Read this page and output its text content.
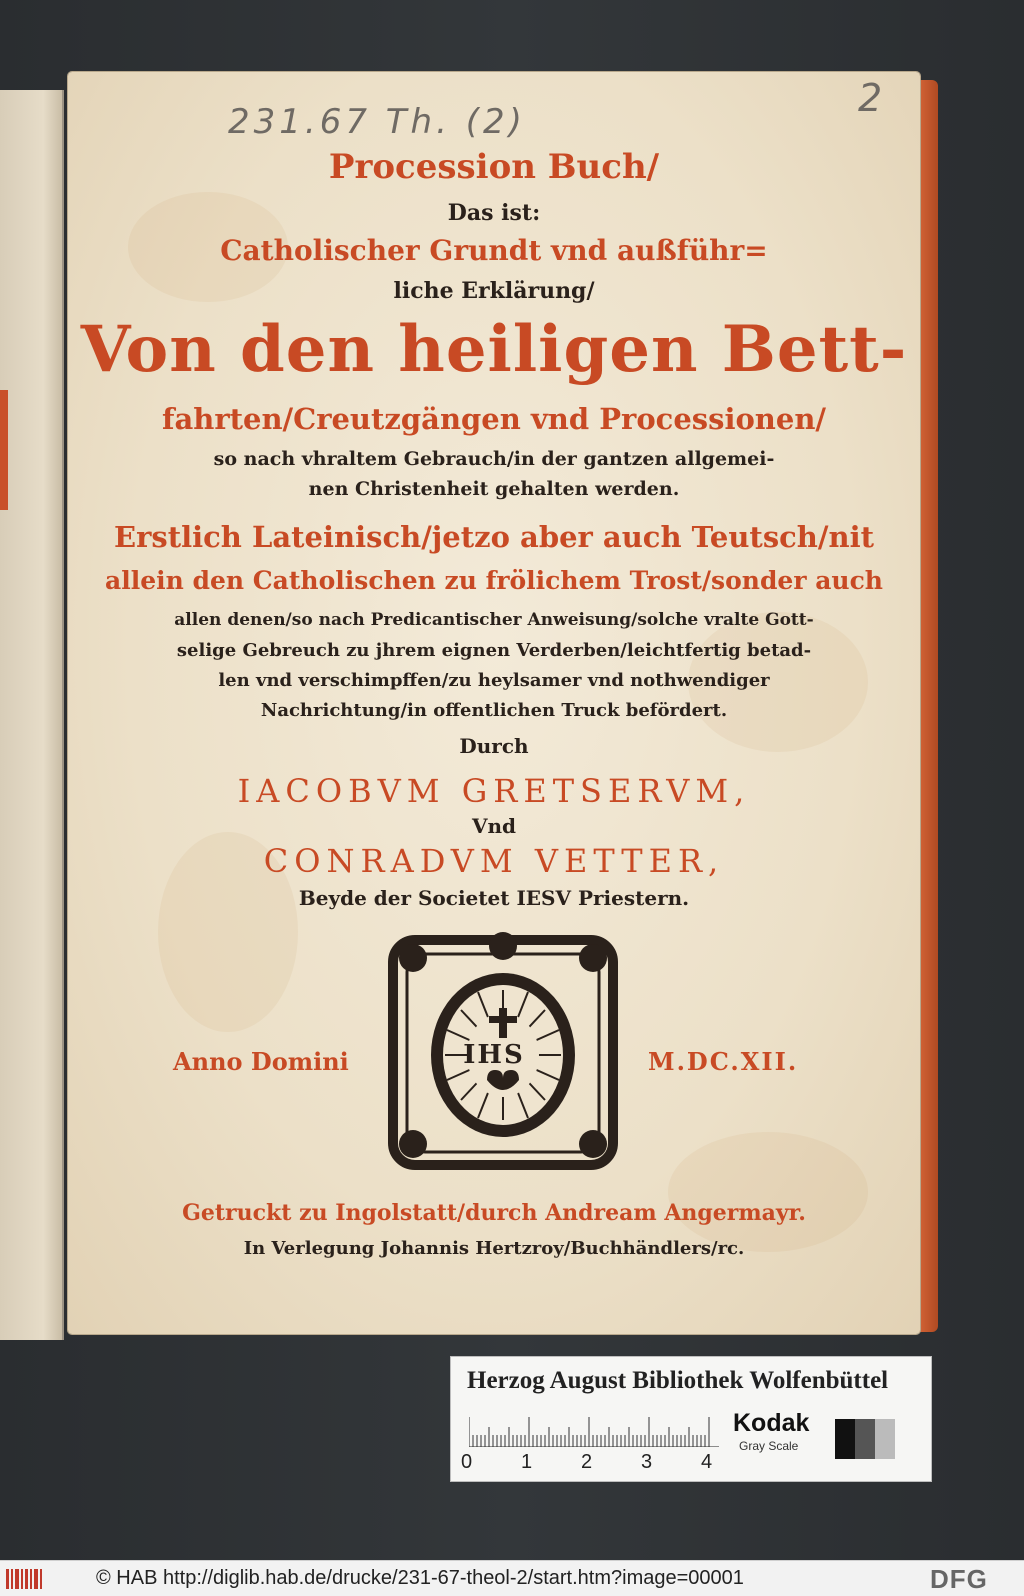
231.67 Th. (2)
2
Procession Buch/
Das ist:
Catholischer Grundt vnd außführ=
liche Erklärung/
Von den heiligen Bett-
fahrten/Creutzgängen vnd Processionen/
so nach vhraltem Gebrauch/in der gantzen allgemei-
nen Christenheit gehalten werden.
Erstlich Lateinisch/jetzo aber auch Teutsch/nit
allein den Catholischen zu frölichem Trost/sonder auch
allen denen/so nach Predicantischer Anweisung/solche vralte Gott-
selige Gebreuch zu jhrem eignen Verderben/leichtfertig betad-
len vnd verschimpffen/zu heylsamer vnd nothwendiger
Nachrichtung/in offentlichen Truck befördert.
Durch
IACOBVM GRETSERVM,
Vnd
CONRADVM VETTER,
Beyde der Societet IESV Priestern.
Anno Domini	M.DC.XII.
IHS
Getruckt zu Ingolstatt/durch Andream Angermayr.
In Verlegung Johannis Hertzroy/Buchhändlers/rc.
Herzog August Bibliothek Wolfenbüttel
0 1 2 3 4
Kodak
Gray Scale
© HAB http://diglib.hab.de/drucke/231-67-theol-2/start.htm?image=00001	DFG
